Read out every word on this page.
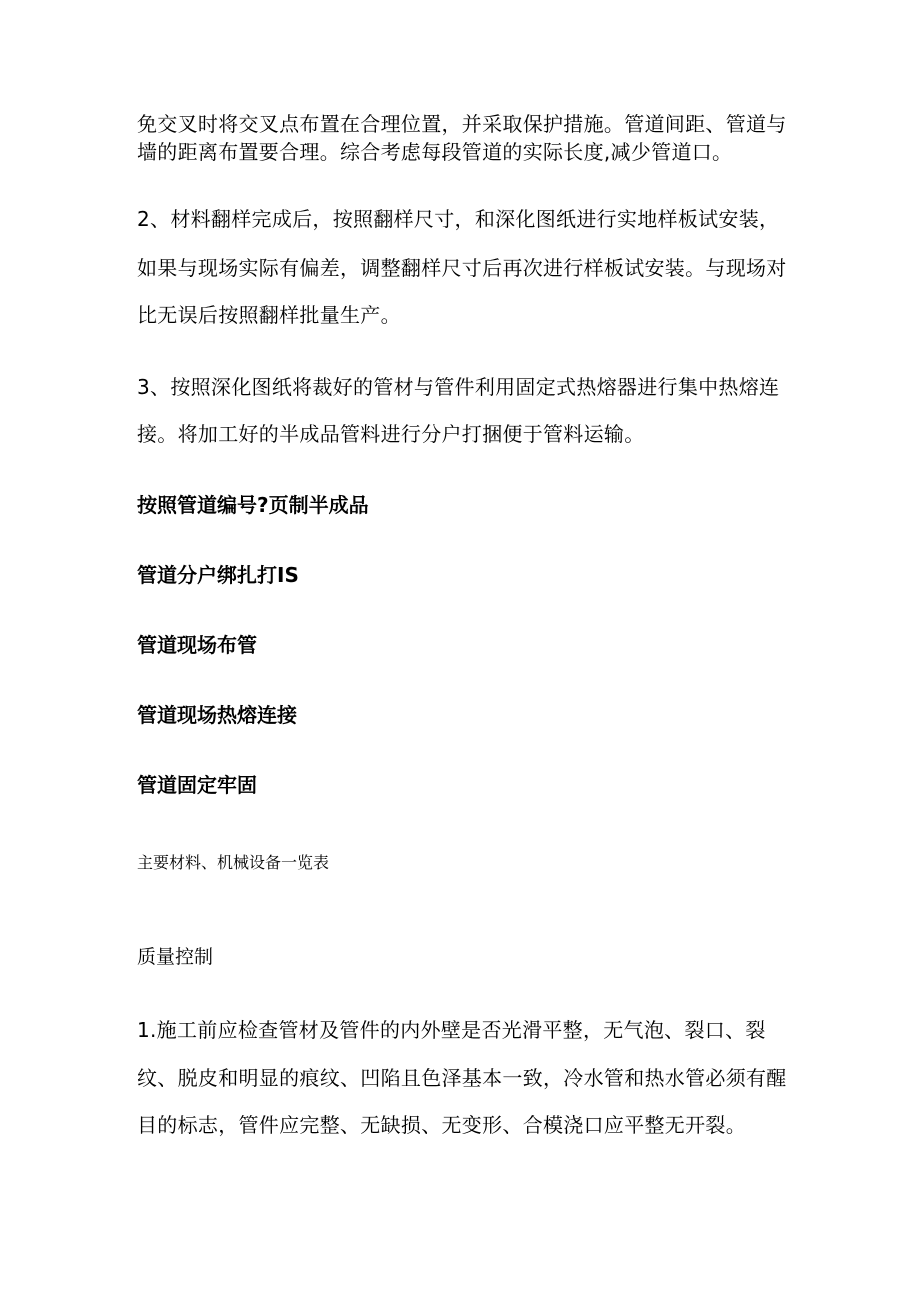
免交叉时将交叉点布置在合理位置，并采取保护措施。管道间距、管道与

墙的距离布置要合理。综合考虑每段管道的实际长度,减少管道口。

2、材料翻样完成后，按照翻样尺寸，和深化图纸进行实地样板试安装，

如果与现场实际有偏差，调整翻样尺寸后再次进行样板试安装。与现场对

比无误后按照翻样批量生产。

3、按照深化图纸将裁好的管材与管件利用固定式热熔器进行集中热熔连

接。将加工好的半成品管料进行分户打捆便于管料运输。

按照管道编号?页制半成品

管道分户绑扎打IS

管道现场布管

管道现场热熔连接

管道固定牢固

主要材料、机械设备一览表

质量控制

1.施工前应检查管材及管件的内外壁是否光滑平整，无气泡、裂口、裂

纹、脱皮和明显的痕纹、凹陷且色泽基本一致，冷水管和热水管必须有醒

目的标志，管件应完整、无缺损、无变形、合模浇口应平整无开裂。
